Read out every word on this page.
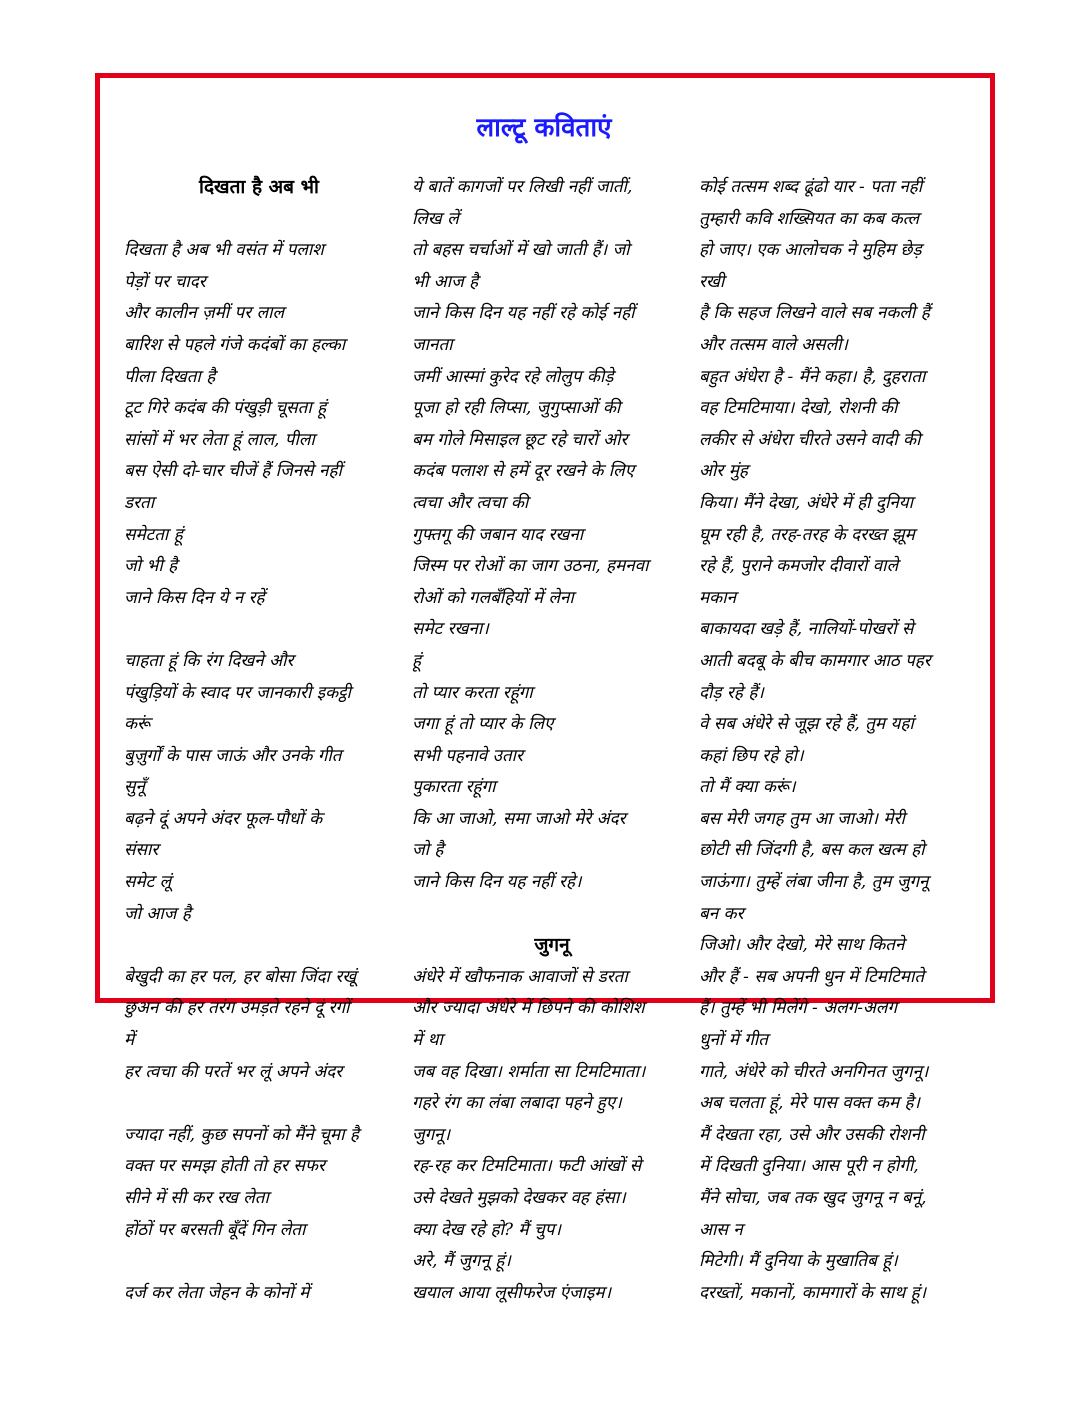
लाल्टू कविताएं
दिखता है अब भी
दिखता है अब भी वसंत में पलाश
पेड़ों पर चादर
और कालीन ज़मीं पर लाल
बारिश से पहले गंजे कदंबों का हल्का
पीला दिखता है
टूट गिरे कदंब की पंखुड़ी चूसता हूं
सांसों में भर लेता हूं लाल, पीला
बस ऐसी दो-चार चीजें हैं जिनसे नहीं
डरता
समेटता हूं
जो भी है
जाने किस दिन ये न रहें
चाहता हूं कि रंग दिखने और
पंखुड़ियों के स्वाद पर जानकारी इकट्ठी
करूं
बुज़ुर्गों के पास जाऊं और उनके गीत
सुनूँ
बढ़ने दूं अपने अंदर फूल-पौधों के
संसार
समेट लूं
जो आज है
बेखुदी का हर पल, हर बोसा जिंदा रखूं
छुअन की हर तरंग उमड़ते रहने दूं रगों
में
हर त्वचा की परतें भर लूं अपने अंदर
ज्यादा नहीं, कुछ सपनों को मैंने चूमा है
वक्त पर समझ होती तो हर सफर
सीने में सी कर रख लेता
होंठों पर बरसती बूँदें गिन लेता
दर्ज कर लेता जेहन के कोनों में
ये बातें कागजों पर लिखी नहीं जातीं,
लिख लें
तो बहस चर्चाओं में खो जाती हैं। जो
भी आज है
जाने किस दिन यह नहीं रहे कोई नहीं
जानता
जमीं आस्मां कुरेद रहे लोलुप कीड़े
पूजा हो रही लिप्सा, जुगुप्साओं की
बम गोले मिसाइल छूट रहे चारों ओर
कदंब पलाश से हमें दूर रखने के लिए
त्वचा और त्वचा की
गुफ्तगू की जबान याद रखना
जिस्म पर रोओं का जाग उठना, हमनवा
रोओं को गलबँहियों में लेना
समेट रखना।
हूं
तो प्यार करता रहूंगा
जगा हूं तो प्यार के लिए
सभी पहनावे उतार
पुकारता रहूंगा
कि आ जाओ, समा जाओ मेरे अंदर
जो है
जाने किस दिन यह नहीं रहे।
जुगनू
अंधेरे में खौफनाक आवाजों से डरता
और ज्यादा अंधेरे में छिपने की कोशिश
में था
जब वह दिखा। शर्माता सा टिमटिमाता।
गहरे रंग का लंबा लबादा पहने हुए।
जुगनू।
रह-रह कर टिमटिमाता। फटी आंखों से
उसे देखते मुझको देखकर वह हंसा।
क्या देख रहे हो? मैं चुप।
अरे, मैं जुगनू हूं।
खयाल आया लूसीफरेज एंजाइम।
कोई तत्सम शब्द ढूंढो यार - पता नहीं
तुम्हारी कवि शख्सियत का कब कत्ल
हो जाए। एक आलोचक ने मुहिम छेड़
रखी
है कि सहज लिखने वाले सब नकली हैं
और तत्सम वाले असली।
बहुत अंधेरा है - मैंने कहा। है, दुहराता
वह टिमटिमाया। देखो, रोशनी की
लकीर से अंधेरा चीरते उसने वादी की
ओर मुंह
किया। मैंने देखा, अंधेरे में ही दुनिया
घूम रही है, तरह-तरह के दरख्त झूम
रहे हैं, पुराने कमजोर दीवारों वाले
मकान
बाकायदा खड़े हैं, नालियों-पोखरों से
आती बदबू के बीच कामगार आठ पहर
दौड़ रहे हैं।
वे सब अंधेरे से जूझ रहे हैं, तुम यहां
कहां छिप रहे हो।
तो मैं क्या करूं।
बस मेरी जगह तुम आ जाओ। मेरी
छोटी सी जिंदगी है, बस कल खत्म हो
जाऊंगा। तुम्हें लंबा जीना है, तुम जुगनू
बन कर
जिओ। और देखो, मेरे साथ कितने
और हैं - सब अपनी धुन में टिमटिमाते
हैं। तुम्हें भी मिलेंगे - अलग-अलग
धुनों में गीत
गाते, अंधेरे को चीरते अनगिनत जुगनू।
अब चलता हूं, मेरे पास वक्त कम है।
मैं देखता रहा, उसे और उसकी रोशनी
में दिखती दुनिया। आस पूरी न होगी,
मैंने सोचा, जब तक खुद जुगनू न बनूं,
आस न
मिटेगी। मैं दुनिया के मुखातिब हूं।
दरख्तों, मकानों, कामगारों के साथ हूं।
